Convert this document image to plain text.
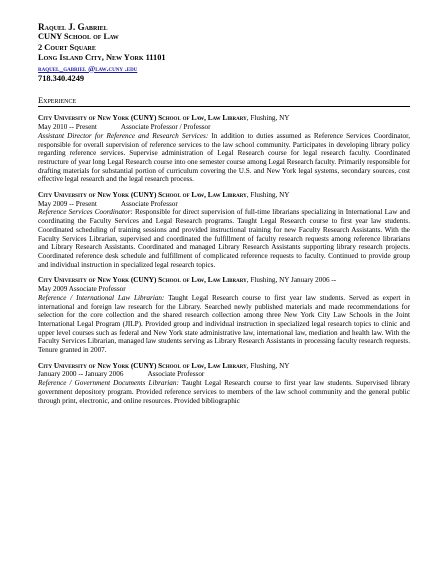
Raquel J. Gabriel
CUNY School of Law
2 Court Square
Long Island City, New York 11101
raquel_gabriel @law.cuny .edu
718.340.4249
Experience
City University of New York (CUNY) School of Law, Law Library, Flushing, NY
May 2010 -- Present	Associate Professor / Professor
Assistant Director for Reference and Research Services: In addition to duties assumed as Reference Services Coordinator, responsible for overall supervision of reference services to the law school community. Participates in developing library policy regarding reference services. Supervise administration of Legal Research course for legal research faculty. Coordinated restructure of year long Legal Research course into one semester course among Legal Research faculty. Primarily responsible for drafting materials for substantial portion of curriculum covering the U.S. and New York legal systems, secondary sources, cost effective legal research and the legal research process.
City University of New York (CUNY) School of Law, Law Library, Flushing, NY
May 2009 -- Present	Associate Professor
Reference Services Coordinator: Responsible for direct supervision of full-time librarians specializing in International Law and coordinating the Faculty Services and Legal Research programs. Taught Legal Research course to first year law students. Coordinated scheduling of training sessions and provided instructional training for new Faculty Research Assistants. With the Faculty Services Librarian, supervised and coordinated the fulfillment of faculty research requests among reference librarians and Library Research Assistants. Coordinated and managed Library Research Assistants supporting library research projects. Coordinated reference desk schedule and fulfillment of complicated reference requests to faculty. Continued to provide group and individual instruction in specialized legal research topics.
City University of New York (CUNY) School of Law, Law Library, Flushing, NY January 2006 --
May 2009 Associate Professor
Reference / International Law Librarian: Taught Legal Research course to first year law students. Served as expert in international and foreign law research for the Library. Searched newly published materials and made recommendations for selection for the core collection and the shared research collection among three New York City Law Schools in the Joint International Legal Program (JILP). Provided group and individual instruction in specialized legal research topics to clinic and upper level courses such as federal and New York state administrative law, international law, mediation and health law. With the Faculty Services Librarian, managed law students serving as Library Research Assistants in processing faculty research requests. Tenure granted in 2007.
City University of New York (CUNY) School of Law, Law Library, Flushing, NY
January 2000 -- January 2006	Associate Professor
Reference / Government Documents Librarian: Taught Legal Research course to first year law students. Supervised library government depository program. Provided reference services to members of the law school community and the general public through print, electronic, and online resources. Provided bibliographic
